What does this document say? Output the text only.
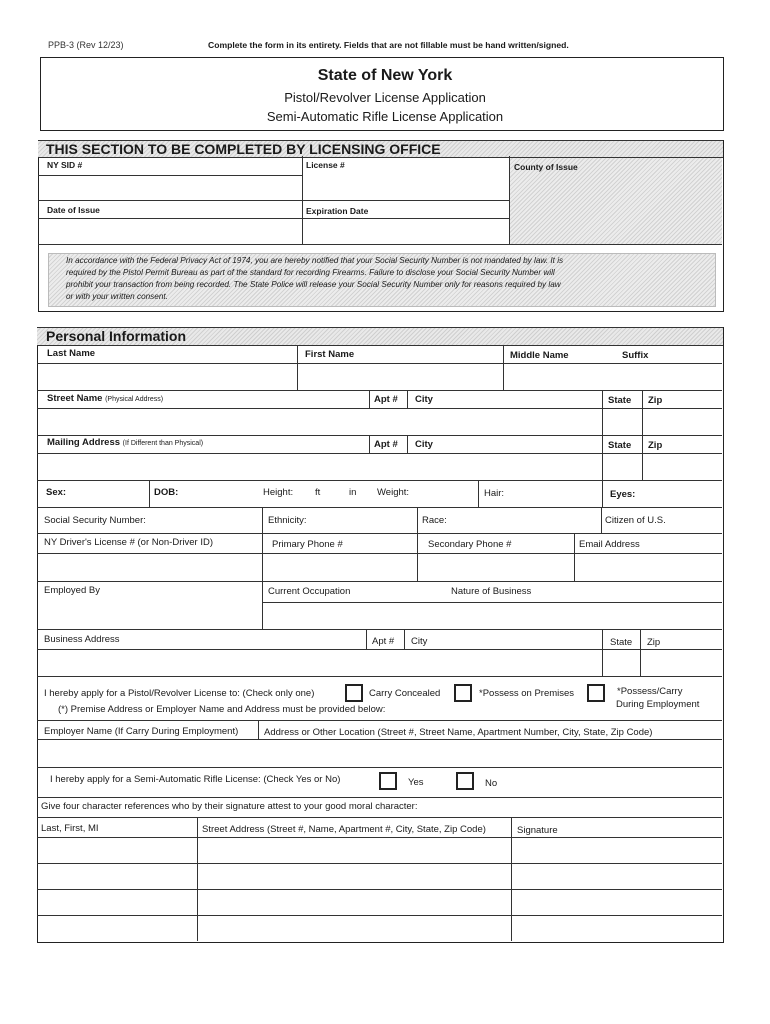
PPB-3 (Rev 12/23)	Complete the form in its entirety. Fields that are not fillable must be hand written/signed.
State of New York
Pistol/Revolver License Application
Semi-Automatic Rifle License Application
THIS SECTION TO BE COMPLETED BY LICENSING OFFICE
NY SID #	License #	County of Issue
Date of Issue	Expiration Date
In accordance with the Federal Privacy Act of 1974, you are hereby notified that your Social Security Number is not mandated by law. It is
required by the Pistol Permit Bureau as part of the standard for recording Firearms. Failure to disclose your Social Security Number will
prohibit your transaction from being recorded. The State Police will release your Social Security Number only for reasons required by law
or with your written consent.
Personal Information
Last Name	First Name	Middle Name	Suffix
Street Name (Physical Address)	Apt # City	State Zip
Mailing Address (If Different than Physical)	Apt # City	State Zip
Sex:	DOB:	Height: ft	in Weight:	Hair:	Eyes:
Social Security Number:	Ethnicity:	Race:	Citizen of U.S.
NY Driver's License # (or Non-Driver ID)	Primary Phone #	Secondary Phone #	Email Address
Employed By	Current Occupation	Nature of Business
Business Address	Apt # City	State Zip
I hereby apply for a Pistol/Revolver License to: (Check only one)	Carry Concealed	*Possess on Premises	*Possess/Carry
During Employment
(*) Premise Address or Employer Name and Address must be provided below:
Employer Name (If Carry During Employment)	Address or Other Location (Street #, Street Name, Apartment Number, City, State, Zip Code)
I hereby apply for a Semi-Automatic Rifle License: (Check Yes or No)	Yes	No
Give four character references who by their signature attest to your good moral character:
Last, First, MI	Street Address (Street #, Name, Apartment #, City, State, Zip Code)	Signature
